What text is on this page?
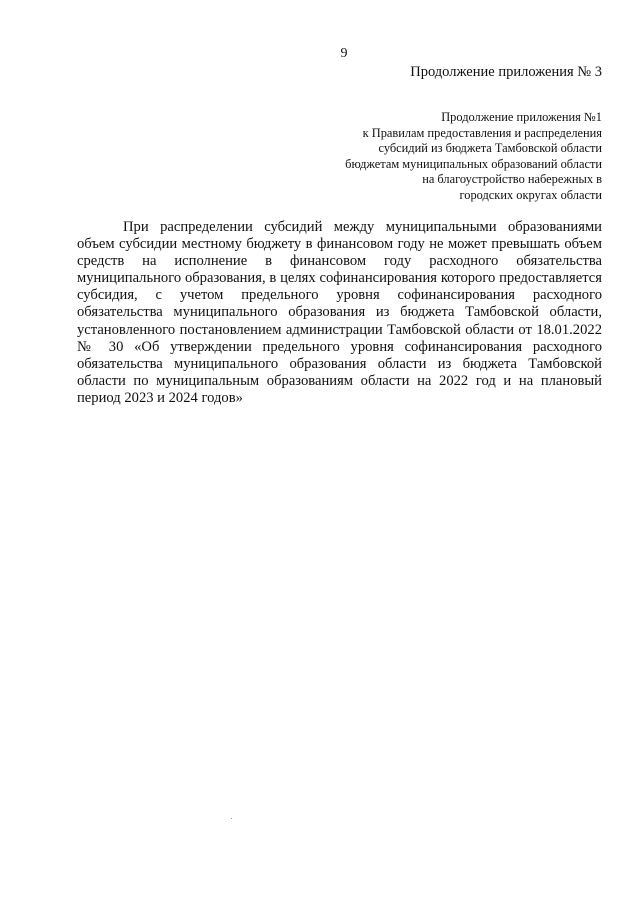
9
Продолжение приложения № 3
Продолжение приложения №1
к Правилам предоставления и распределения
субсидий из бюджета Тамбовской области
бюджетам муниципальных образований области
на благоустройство набережных в
городских округах области

При распределении субсидий между муниципальными образованиями объем субсидии местному бюджету в финансовом году не может превышать объем средств на исполнение в финансовом году расходного обязательства муниципального образования, в целях софинансирования которого предоставляется субсидия, с учетом предельного уровня софинансирования расходного обязательства муниципального образования из бюджета Тамбовской области, установленного постановлением администрации Тамбовской области от 18.01.2022 № 30 «Об утверждении предельного уровня софинансирования расходного обязательства муниципального образования области из бюджета Тамбовской области по муниципальным образованиям области на 2022 год и на плановый период 2023 и 2024 годов»
